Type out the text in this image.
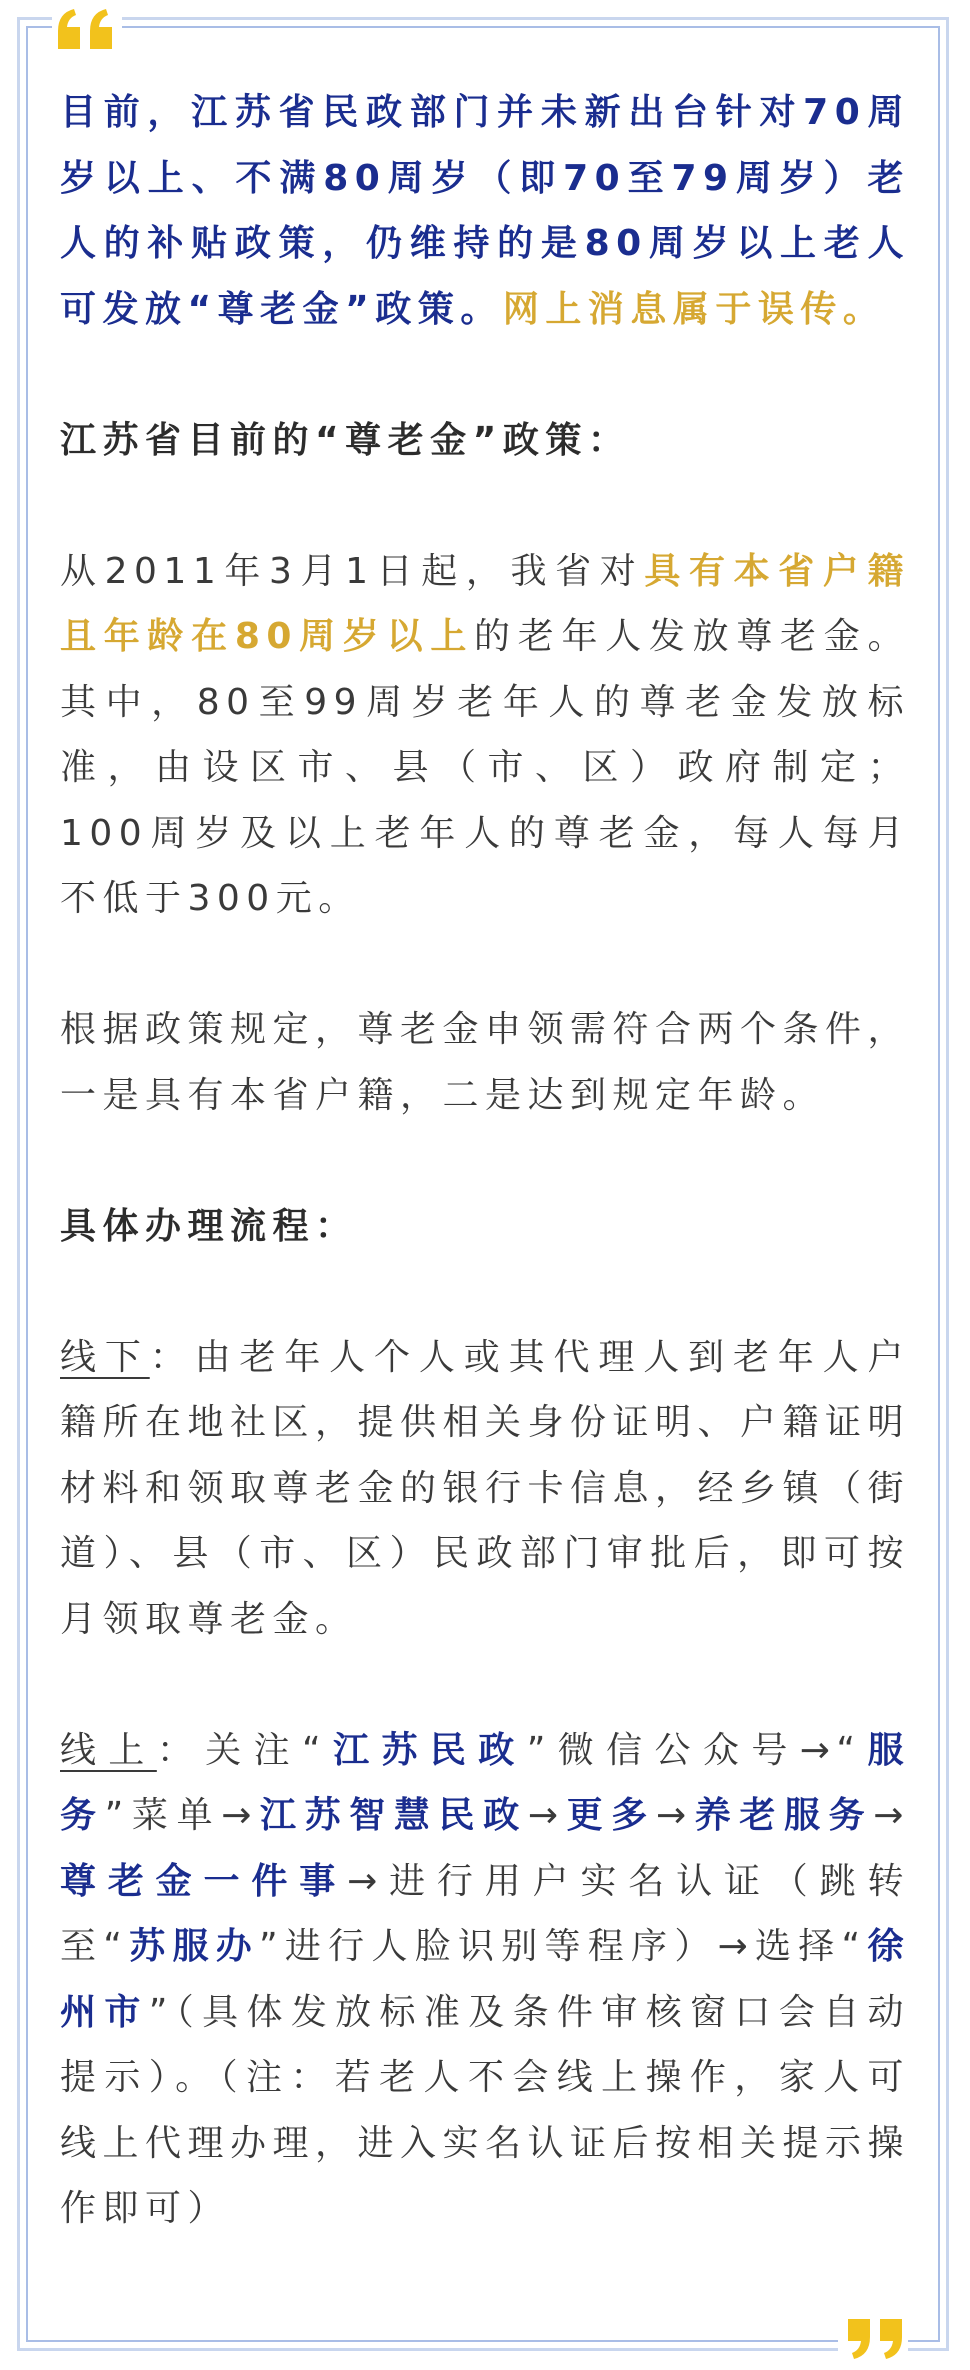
目前，江苏省民政部门并未新出台针对70周岁以上、不满80周岁（即70至79周岁）老人的补贴政策，仍维持的是80周岁以上老人可发放“尊老金”政策。网上消息属于误传。

江苏省目前的“尊老金”政策：

从2011年3月1日起，我省对具有本省户籍且年龄在80周岁以上的老年人发放尊老金。其中，80至99周岁老年人的尊老金发放标准，由设区市、县（市、区）政府制定；100周岁及以上老年人的尊老金，每人每月不低于300元。

根据政策规定，尊老金申领需符合两个条件，一是具有本省户籍，二是达到规定年龄。

具体办理流程：

线下：由老年人个人或其代理人到老年人户籍所在地社区，提供相关身份证明、户籍证明材料和领取尊老金的银行卡信息，经乡镇（街道）、县（市、区）民政部门审批后，即可按月领取尊老金。

线上：关注“江苏民政”微信公众号→“服务”菜单→江苏智慧民政→更多→养老服务→尊老金一件事→进行用户实名认证（跳转至“苏服办”进行人脸识别等程序）→选择“徐州市”（具体发放标准及条件审核窗口会自动提示）。（注：若老人不会线上操作，家人可线上代理办理，进入实名认证后按相关提示操作即可）
